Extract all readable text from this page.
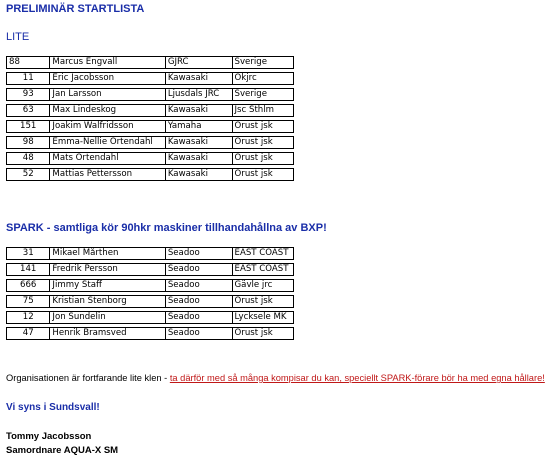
PRELIMINÄR STARTLISTA
LITE
88	Marcus Engvall	GJRC	Sverige
11	Eric Jacobsson	Kawasaki	Ökjrc
93	Jan Larsson	Ljusdals JRC	Sverige
63	Max Lindeskog	Kawasaki	Jsc Sthlm
151	Joakim Walfridsson	Yamaha	Orust jsk
98	Emma-Nellie Örtendahl	Kawasaki	Orust jsk
48	Mats Örtendahl	Kawasaki	Orust jsk
52	Mattias Pettersson	Kawasaki	Orust jsk
SPARK - samtliga kör 90hkr maskiner tillhandahållna av BXP!
31	Mikael Mårthen	Seadoo	EAST COAST
141	Fredrik Persson	Seadoo	EAST COAST
666	Jimmy Staff	Seadoo	Gävle jrc
75	Kristian Stenborg	Seadoo	Orust jsk
12	Jon Sundelin	Seadoo	Lycksele MK
47	Henrik Bramsved	Seadoo	Orust jsk
Organisationen är fortfarande lite klen - ta därför med så många kompisar du kan, speciellt SPARK-förare bör ha med egna hållare!
Vi syns i Sundsvall!
Tommy Jacobsson
Samordnare AQUA-X SM
